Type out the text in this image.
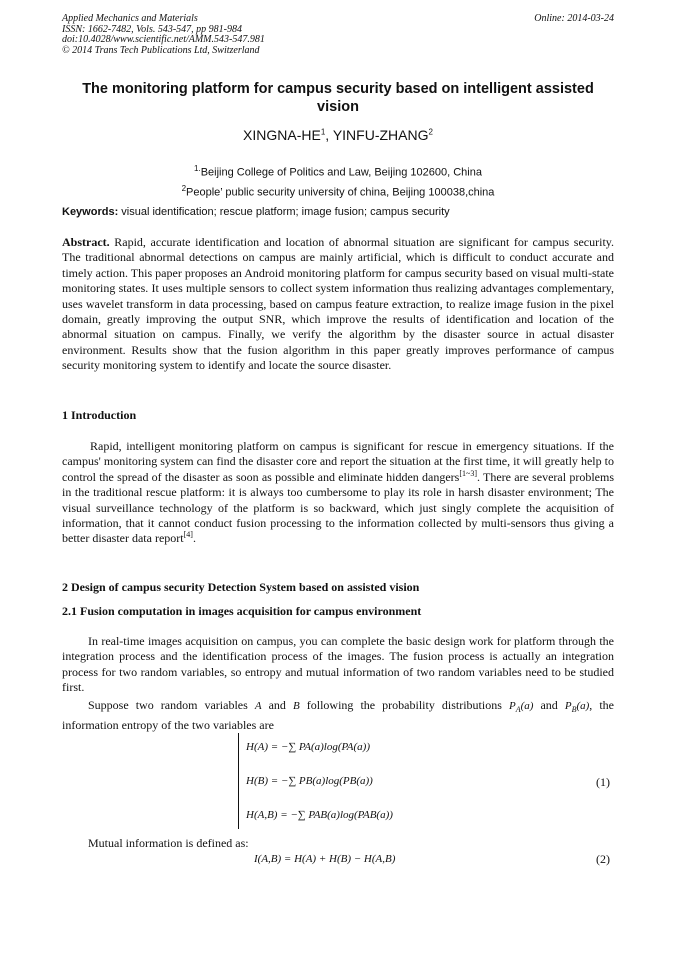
Applied Mechanics and Materials
ISSN: 1662-7482, Vols. 543-547, pp 981-984
doi:10.4028/www.scientific.net/AMM.543-547.981
© 2014 Trans Tech Publications Ltd, Switzerland
Online: 2014-03-24
The monitoring platform for campus security based on intelligent assisted vision
XINGNA-$HE^1$, YINFU-ZHANG$^2$
$^{1.}$Beijing College of Politics and Law, Beijing 102600, China
$^2$People’ public security university of china, Beijing 100038,china
Keywords: visual identification; rescue platform; image fusion; campus security

Abstract. Rapid, accurate identification and location of abnormal situation are significant for campus security. The traditional abnormal detections on campus are mainly artificial, which is difficult to conduct accurate and timely action. This paper proposes an Android monitoring platform for campus security based on visual multi-state monitoring states. It uses multiple sensors to collect system information thus realizing advantages complementary, uses wavelet transform in data processing, based on campus feature extraction, to realize image fusion in the pixel domain, greatly improving the output SNR, which improve the results of identification and location of the abnormal situation on campus. Finally, we verify the algorithm by the disaster source in actual disaster environment. Results show that the fusion algorithm in this paper greatly improves performance of campus security monitoring system to identify and locate the source disaster.

1 Introduction

Rapid, intelligent monitoring platform on campus is significant for rescue in emergency situations. If the campus' monitoring system can find the disaster core and report the situation at the first time, it will greatly help to control the spread of the disaster as soon as possible and eliminate hidden dangers[1~3]. There are several problems in the traditional rescue platform: it is always too cumbersome to play its role in harsh disaster environment; The visual surveillance technology of the platform is so backward, which just singly complete the acquisition of information, that it cannot conduct fusion processing to the information collected by multi-sensors thus giving a better disaster data report[4].

2 Design of campus security Detection System based on assisted vision

2.1 Fusion computation in images acquisition for campus environment

In real-time images acquisition on campus, you can complete the basic design work for platform through the integration process and the identification process of the images. The fusion process is actually an integration process for two random variables, so entropy and mutual information of two random variables need to be studied first.

Suppose two random variables A and B following the probability distributions $P_A(a)$ and $P_B(a)$, the information entropy of the two variables are

H(A) = −∑ PA(a)log(PA(a))
H(B) = −∑ PB(a)log(PB(a))
H(A,B) = −∑ PAB(a)log(PAB(a))
(1)

Mutual information is defined as:

I(A,B) = H(A) + H(B) − H(A,B)	(2)
